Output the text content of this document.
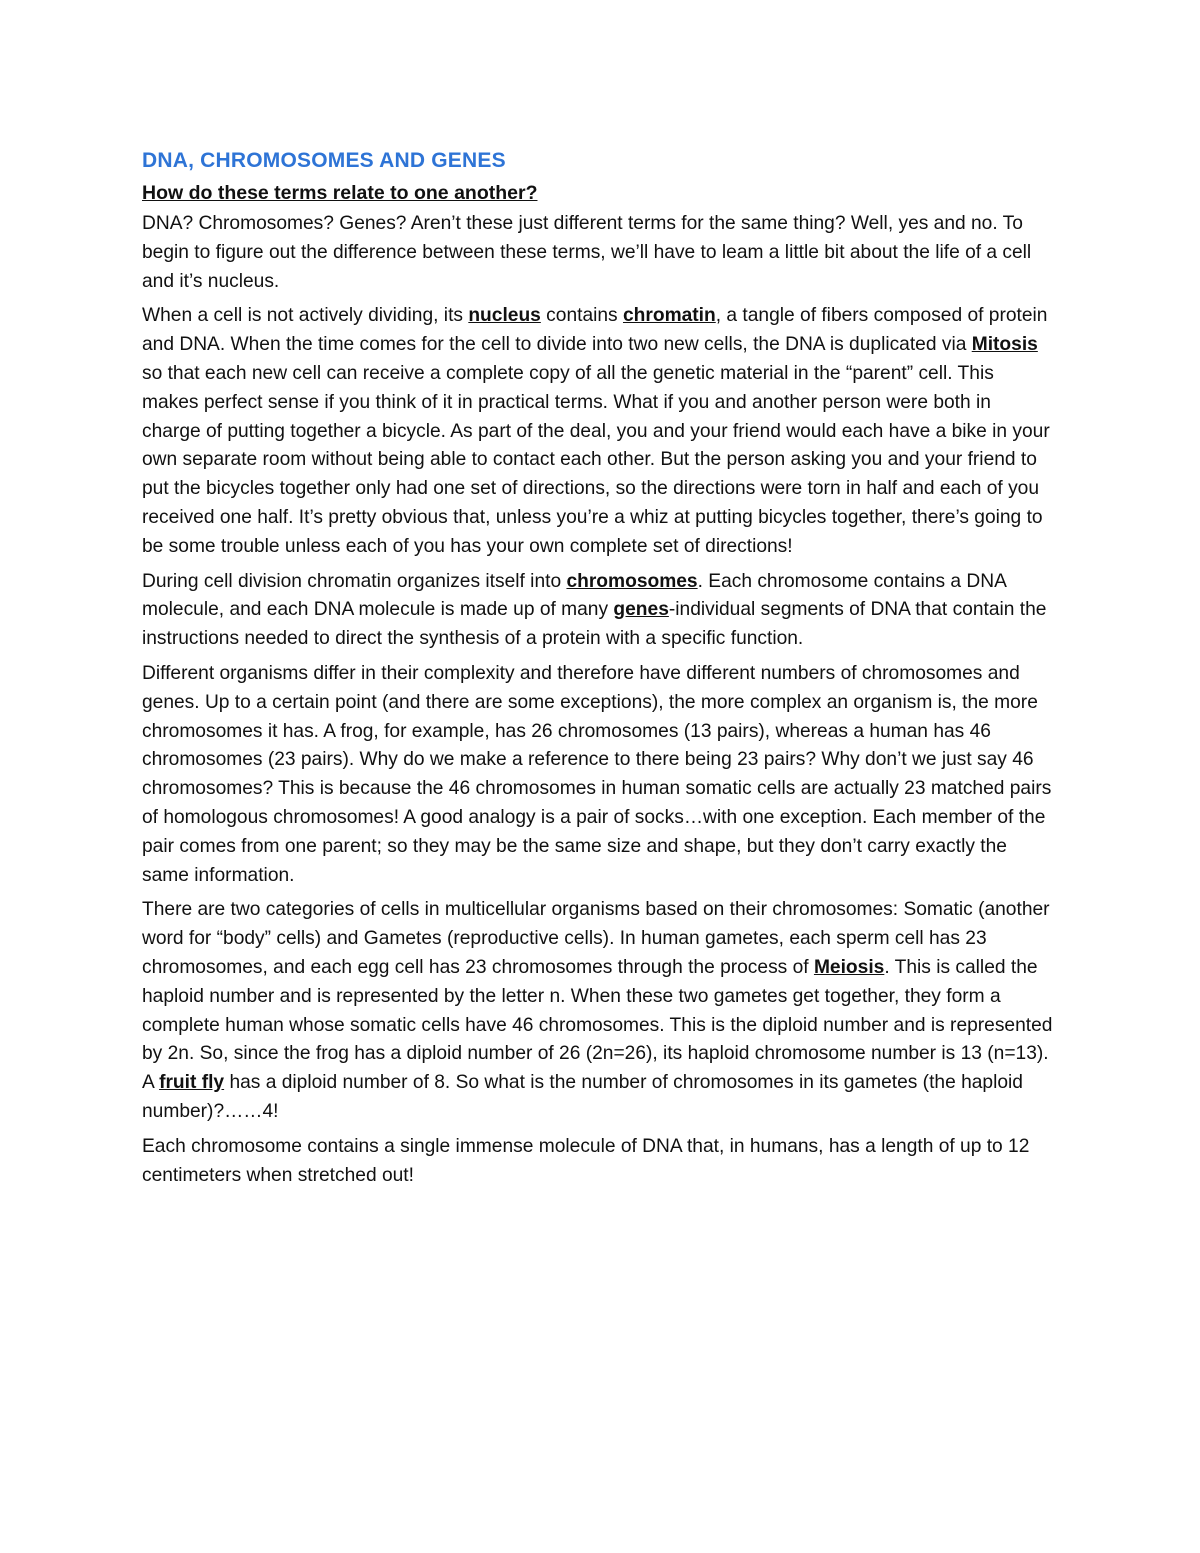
DNA, CHROMOSOMES AND GENES
How do these terms relate to one another?

DNA? Chromosomes? Genes? Aren’t these just different terms for the same thing? Well, yes and no. To begin to figure out the difference between these terms, we’ll have to leam a little bit about the life of a cell and it’s nucleus.

When a cell is not actively dividing, its nucleus contains chromatin, a tangle of fibers composed of protein and DNA. When the time comes for the cell to divide into two new cells, the DNA is duplicated via Mitosis so that each new cell can receive a complete copy of all the genetic material in the “parent” cell. This makes perfect sense if you think of it in practical terms. What if you and another person were both in charge of putting together a bicycle. As part of the deal, you and your friend would each have a bike in your own separate room without being able to contact each other. But the person asking you and your friend to put the bicycles together only had one set of directions, so the directions were torn in half and each of you received one half. It’s pretty obvious that, unless you’re a whiz at putting bicycles together, there’s going to be some trouble unless each of you has your own complete set of directions!

During cell division chromatin organizes itself into chromosomes. Each chromosome contains a DNA molecule, and each DNA molecule is made up of many genes-individual segments of DNA that contain the instructions needed to direct the synthesis of a protein with a specific function.

Different organisms differ in their complexity and therefore have different numbers of chromosomes and genes. Up to a certain point (and there are some exceptions), the more complex an organism is, the more chromosomes it has. A frog, for example, has 26 chromosomes (13 pairs), whereas a human has 46 chromosomes (23 pairs). Why do we make a reference to there being 23 pairs? Why don’t we just say 46 chromosomes? This is because the 46 chromosomes in human somatic cells are actually 23 matched pairs of homologous chromosomes! A good analogy is a pair of socks…with one exception. Each member of the pair comes from one parent; so they may be the same size and shape, but they don’t carry exactly the same information.

There are two categories of cells in multicellular organisms based on their chromosomes: Somatic (another word for “body” cells) and Gametes (reproductive cells). In human gametes, each sperm cell has 23 chromosomes, and each egg cell has 23 chromosomes through the process of Meiosis. This is called the haploid number and is represented by the letter n. When these two gametes get together, they form a complete human whose somatic cells have 46 chromosomes. This is the diploid number and is represented by 2n. So, since the frog has a diploid number of 26 (2n=26), its haploid chromosome number is 13 (n=13). A fruit fly has a diploid number of 8. So what is the number of chromosomes in its gametes (the haploid number)?……4!

Each chromosome contains a single immense molecule of DNA that, in humans, has a length of up to 12 centimeters when stretched out!
